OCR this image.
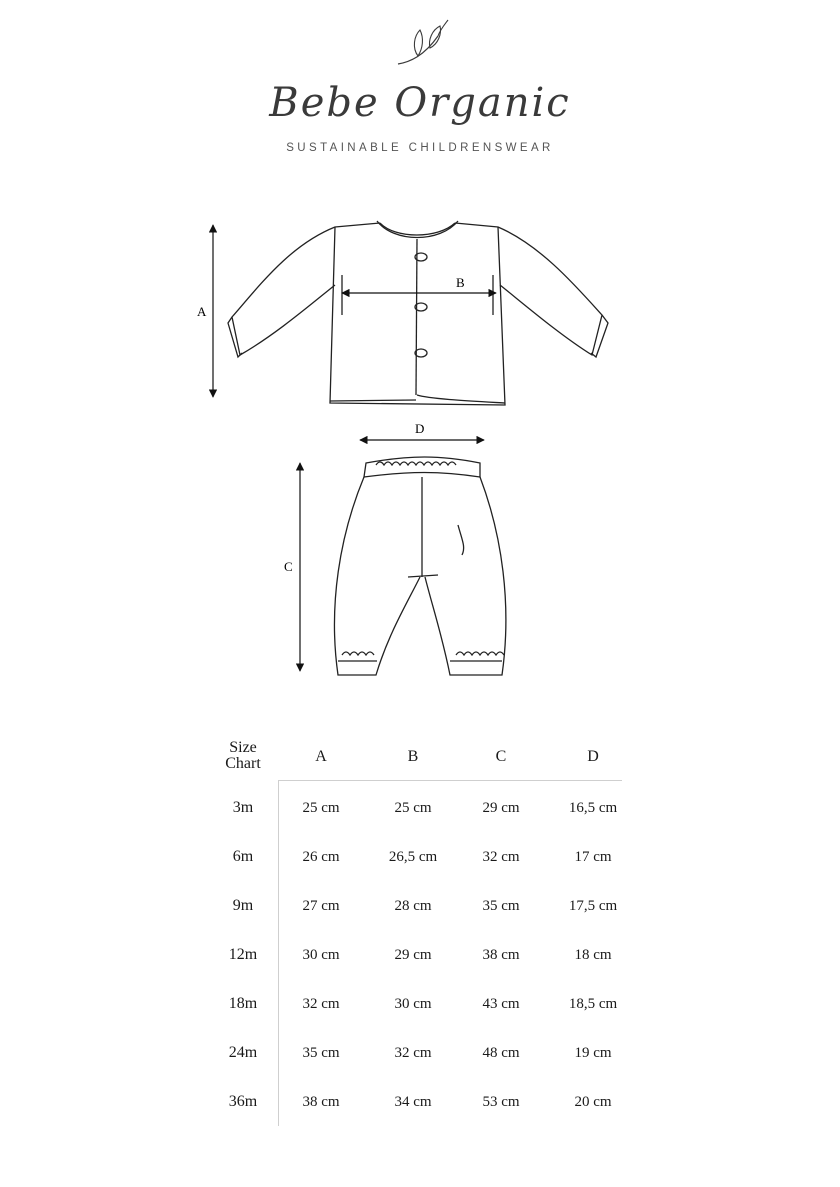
Bebe Organic
SUSTAINABLE CHILDRENSWEAR
A
B
D
C
Size
Chart	A	B	C	D
3m	25 cm	25 cm	29 cm	16,5 cm
6m	26 cm	26,5 cm	32 cm	17 cm
9m	27 cm	28 cm	35 cm	17,5 cm
12m	30 cm	29 cm	38 cm	18 cm
18m	32 cm	30 cm	43 cm	18,5 cm
24m	35 cm	32 cm	48 cm	19 cm
36m	38 cm	34 cm	53 cm	20 cm
